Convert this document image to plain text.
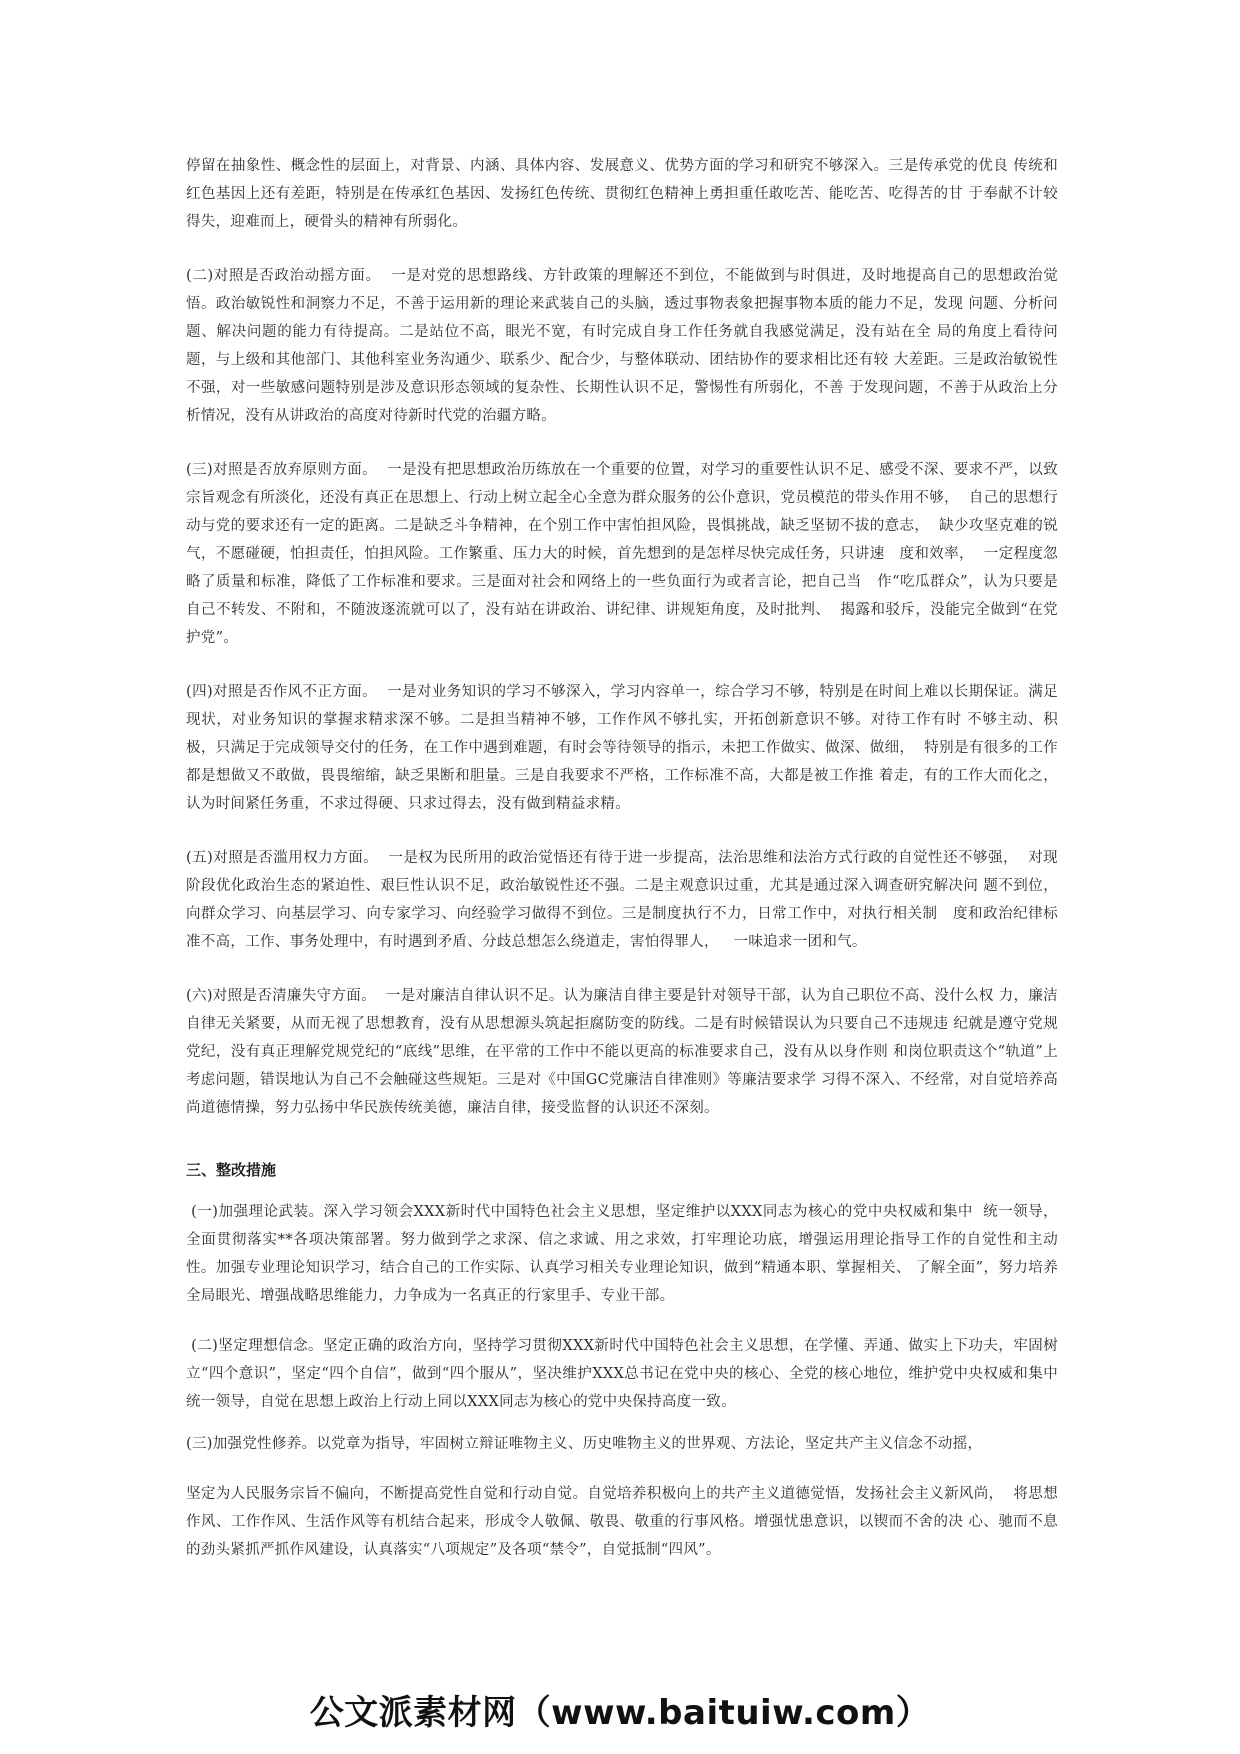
停留在抽象性、概念性的层面上，对背景、内涵、具体内容、发展意义、优势方面的学习和研究不够深入。三是传承党的优良 传统和红色基因上还有差距，特别是在传承红色基因、发扬红色传统、贯彻红色精神上勇担重任敢吃苦、能吃苦、吃得苦的甘 于奉献不计较得失，迎难而上，硬骨头的精神有所弱化。

(二)对照是否政治动摇方面。  一是对党的思想路线、方针政策的理解还不到位，不能做到与时俱进，及时地提高自己的思想政治觉悟。政治敏锐性和洞察力不足，不善于运用新的理论来武装自己的头脑，透过事物表象把握事物本质的能力不足，发现 问题、分析问题、解决问题的能力有待提高。二是站位不高，眼光不宽，有时完成自身工作任务就自我感觉满足，没有站在全 局的角度上看待问题，与上级和其他部门、其他科室业务沟通少、联系少、配合少，与整体联动、团结协作的要求相比还有较 大差距。三是政治敏锐性不强，对一些敏感问题特别是涉及意识形态领域的复杂性、长期性认识不足，警惕性有所弱化，不善 于发现问题，不善于从政治上分析情况，没有从讲政治的高度对待新时代党的治疆方略。

(三)对照是否放弃原则方面。  一是没有把思想政治历练放在一个重要的位置，对学习的重要性认识不足、感受不深、要求不严，以致宗旨观念有所淡化，还没有真正在思想上、行动上树立起全心全意为群众服务的公仆意识，党员模范的带头作用不够，  自己的思想行动与党的要求还有一定的距离。二是缺乏斗争精神，在个别工作中害怕担风险，畏惧挑战，缺乏坚韧不拔的意志，  缺少攻坚克难的锐气，不愿碰硬，怕担责任，怕担风险。工作繁重、压力大的时候，首先想到的是怎样尽快完成任务，只讲速   度和效率，  一定程度忽略了质量和标准，降低了工作标准和要求。三是面对社会和网络上的一些负面行为或者言论，把自己当   作“吃瓜群众”，认为只要是自己不转发、不附和，不随波逐流就可以了，没有站在讲政治、讲纪律、讲规矩角度，及时批判、  揭露和驳斥，没能完全做到“在党护党”。

(四)对照是否作风不正方面。  一是对业务知识的学习不够深入，学习内容单一，综合学习不够，特别是在时间上难以长期保证。满足现状，对业务知识的掌握求精求深不够。二是担当精神不够，工作作风不够扎实，开拓创新意识不够。对待工作有时 不够主动、积极，只满足于完成领导交付的任务，在工作中遇到难题，有时会等待领导的指示，未把工作做实、做深、做细，  特别是有很多的工作都是想做又不敢做，畏畏缩缩，缺乏果断和胆量。三是自我要求不严格，工作标准不高，大都是被工作推 着走，有的工作大而化之，认为时间紧任务重，不求过得硬、只求过得去，没有做到精益求精。

(五)对照是否滥用权力方面。  一是权为民所用的政治觉悟还有待于进一步提高，法治思维和法治方式行政的自觉性还不够强，  对现阶段优化政治生态的紧迫性、艰巨性认识不足，政治敏锐性还不强。二是主观意识过重，尤其是通过深入调查研究解决问 题不到位，向群众学习、向基层学习、向专家学习、向经验学习做得不到位。三是制度执行不力，日常工作中，对执行相关制   度和政治纪律标准不高，工作、事务处理中，有时遇到矛盾、分歧总想怎么绕道走，害怕得罪人，   一味追求一团和气。

(六)对照是否清廉失守方面。  一是对廉洁自律认识不足。认为廉洁自律主要是针对领导干部，认为自己职位不高、没什么权 力，廉洁自律无关紧要，从而无视了思想教育，没有从思想源头筑起拒腐防变的防线。二是有时候错误认为只要自己不违规违 纪就是遵守党规党纪，没有真正理解党规党纪的“底线”思维，在平常的工作中不能以更高的标准要求自己，没有从以身作则 和岗位职责这个“轨道”上考虑问题，错误地认为自己不会触碰这些规矩。三是对《中国GC党廉洁自律准则》等廉洁要求学 习得不深入、不经常，对自觉培养高尚道德情操，努力弘扬中华民族传统美德，廉洁自律，接受监督的认识还不深刻。

三、整改措施

(一)加强理论武装。深入学习领会XXX新时代中国特色社会主义思想，坚定维护以XXX同志为核心的党中央权威和集中  统一领导，全面贯彻落实**各项决策部署。努力做到学之求深、信之求诚、用之求效，打牢理论功底，增强运用理论指导工作的自觉性和主动性。加强专业理论知识学习，结合自己的工作实际、认真学习相关专业理论知识，做到“精通本职、掌握相关、 了解全面”，努力培养全局眼光、增强战略思维能力，力争成为一名真正的行家里手、专业干部。

(二)坚定理想信念。坚定正确的政治方向，坚持学习贯彻XXX新时代中国特色社会主义思想，在学懂、弄通、做实上下功夫，牢固树立“四个意识”，坚定“四个自信”，做到“四个服从”，坚决维护XXX总书记在党中央的核心、全党的核心地位，维护党中央权威和集中统一领导，自觉在思想上政治上行动上同以XXX同志为核心的党中央保持高度一致。

(三)加强党性修养。以党章为指导，牢固树立辩证唯物主义、历史唯物主义的世界观、方法论，坚定共产主义信念不动摇，

坚定为人民服务宗旨不偏向，不断提高党性自觉和行动自觉。自觉培养积极向上的共产主义道德觉悟，发扬社会主义新风尚，  将思想作风、工作作风、生活作风等有机结合起来，形成令人敬佩、敬畏、敬重的行事风格。增强忧患意识，以锲而不舍的决 心、驰而不息的劲头紧抓严抓作风建设，认真落实“八项规定”及各项“禁令”，自觉抵制“四风”。

公文派素材网（www.baituiw.com）
